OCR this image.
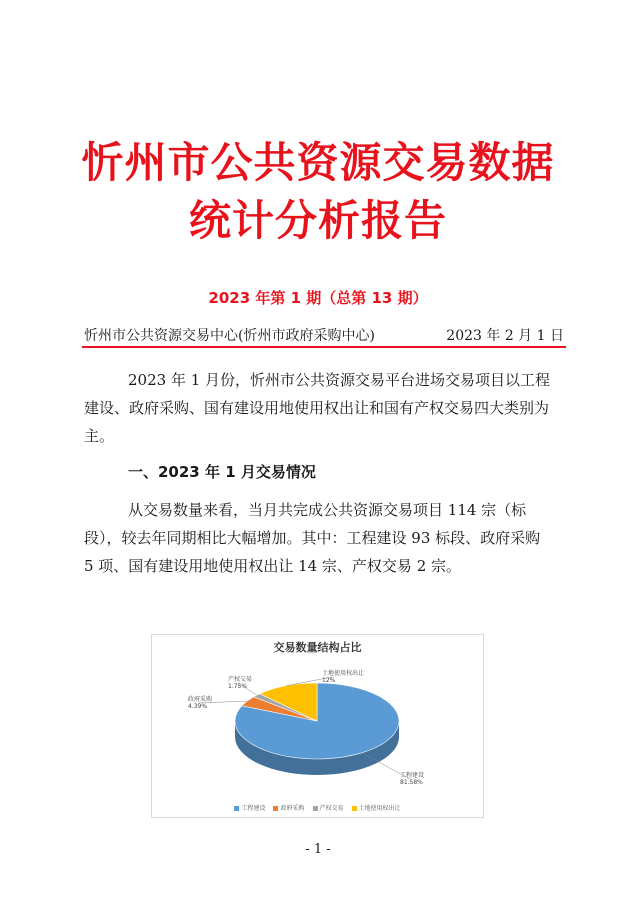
忻州市公共资源交易数据
统计分析报告
2023 年第 1 期（总第 13 期）
忻州市公共资源交易中心(忻州市政府采购中心)	2023 年 2 月 1 日
2023 年 1 月份，忻州市公共资源交易平台进场交易项目以工程建设、政府采购、国有建设用地使用权出让和国有产权交易四大类别为主。
一、2023 年 1 月交易情况
从交易数量来看，当月共完成公共资源交易项目 114 宗（标段），较去年同期相比大幅增加。其中：工程建设 93 标段、政府采购 5 项、国有建设用地使用权出让 14 宗、产权交易 2 宗。
交易数量结构占比
工程建设 81.58%
政府采购 4.39%
产权交易 1.75%
土地使用权出让 12%
工程建设	政府采购	产权交易	土地使用权出让
- 1 -
